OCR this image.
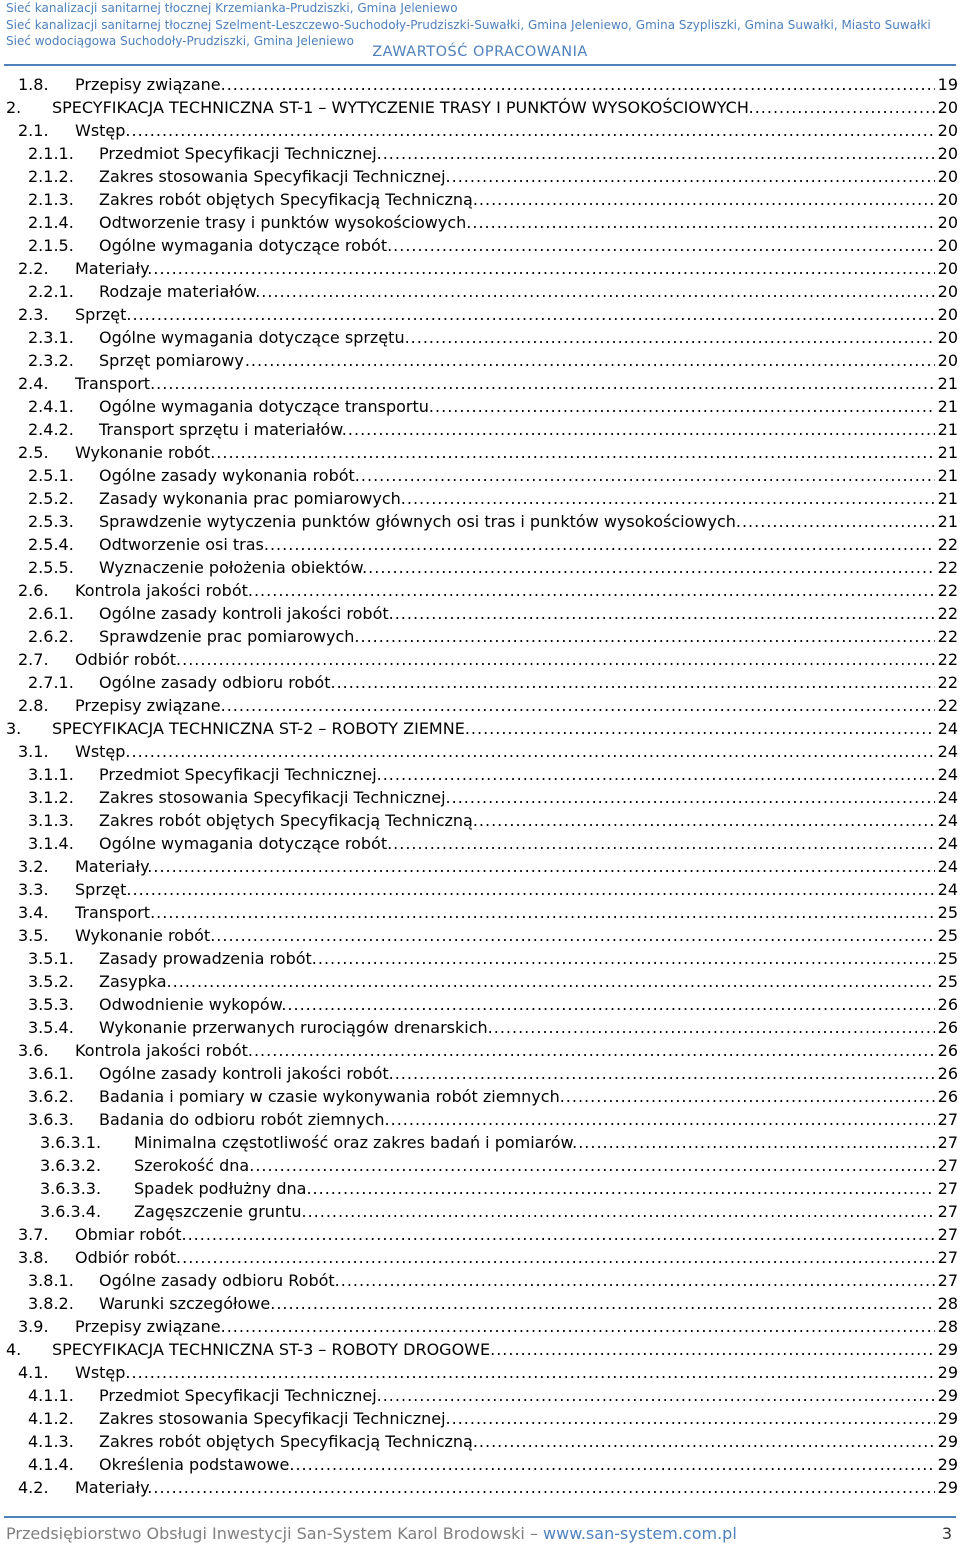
Sieć kanalizacji sanitarnej tłocznej Krzemianka-Prudziszki, Gmina Jeleniewo
Sieć kanalizacji sanitarnej tłocznej Szelment-Leszczewo-Suchodoły-Prudziszki-Suwałki, Gmina Jeleniewo, Gmina Szypliszki, Gmina Suwałki, Miasto Suwałki
Sieć wodociągowa Suchodoły-Prudziszki, Gmina Jeleniewo
ZAWARTOŚĆ OPRACOWANIA
1.8.	Przepisy związane. .....	19
2.	SPECYFIKACJA TECHNICZNA ST-1 – WYTYCZENIE TRASY I PUNKTÓW WYSOKOŚCIOWYCH. .....	20
2.1.	Wstęp. .....	20
2.1.1.	Przedmiot Specyfikacji Technicznej. .....	20
2.1.2.	Zakres stosowania Specyfikacji Technicznej. .....	20
2.1.3.	Zakres robót objętych Specyfikacją Techniczną. .....	20
2.1.4.	Odtworzenie trasy i punktów wysokościowych. .....	20
2.1.5.	Ogólne wymagania dotyczące robót. .....	20
2.2.	Materiały. .....	20
2.2.1.	Rodzaje materiałów. .....	20
2.3.	Sprzęt. .....	20
2.3.1.	Ogólne wymagania dotyczące sprzętu. .....	20
2.3.2.	Sprzęt pomiarowy .....	20
2.4.	Transport. .....	21
2.4.1.	Ogólne wymagania dotyczące transportu. .....	21
2.4.2.	Transport sprzętu i materiałów. .....	21
2.5.	Wykonanie robót. .....	21
2.5.1.	Ogólne zasady wykonania robót. .....	21
2.5.2.	Zasady wykonania prac pomiarowych. .....	21
2.5.3.	Sprawdzenie wytyczenia punktów głównych osi tras i punktów wysokościowych. .....	21
2.5.4.	Odtworzenie osi tras. .....	22
2.5.5.	Wyznaczenie położenia obiektów. .....	22
2.6.	Kontrola jakości robót. .....	22
2.6.1.	Ogólne zasady kontroli jakości robót. .....	22
2.6.2.	Sprawdzenie prac pomiarowych. .....	22
2.7.	Odbiór robót. .....	22
2.7.1.	Ogólne zasady odbioru robót. .....	22
2.8.	Przepisy związane. .....	22
3.	SPECYFIKACJA TECHNICZNA ST-2 – ROBOTY ZIEMNE. .....	24
3.1.	Wstęp. .....	24
3.1.1.	Przedmiot Specyfikacji Technicznej. .....	24
3.1.2.	Zakres stosowania Specyfikacji Technicznej. .....	24
3.1.3.	Zakres robót objętych Specyfikacją Techniczną. .....	24
3.1.4.	Ogólne wymagania dotyczące robót. .....	24
3.2.	Materiały. .....	24
3.3.	Sprzęt. .....	24
3.4.	Transport. .....	25
3.5.	Wykonanie robót. .....	25
3.5.1.	Zasady prowadzenia robót. .....	25
3.5.2.	Zasypka. .....	25
3.5.3.	Odwodnienie wykopów. .....	26
3.5.4.	Wykonanie przerwanych rurociągów drenarskich. .....	26
3.6.	Kontrola jakości robót. .....	26
3.6.1.	Ogólne zasady kontroli jakości robót. .....	26
3.6.2.	Badania i pomiary w czasie wykonywania robót ziemnych. .....	26
3.6.3.	Badania do odbioru robót ziemnych. .....	27
3.6.3.1.	Minimalna częstotliwość oraz zakres badań i pomiarów. .....	27
3.6.3.2.	Szerokość dna. .....	27
3.6.3.3.	Spadek podłużny dna. .....	27
3.6.3.4.	Zagęszczenie gruntu. .....	27
3.7.	Obmiar robót. .....	27
3.8.	Odbiór robót. .....	27
3.8.1.	Ogólne zasady odbioru Robót. .....	27
3.8.2.	Warunki szczegółowe. .....	28
3.9.	Przepisy związane. .....	28
4.	SPECYFIKACJA TECHNICZNA ST-3 – ROBOTY DROGOWE. .....	29
4.1.	Wstęp. .....	29
4.1.1.	Przedmiot Specyfikacji Technicznej. .....	29
4.1.2.	Zakres stosowania Specyfikacji Technicznej. .....	29
4.1.3.	Zakres robót objętych Specyfikacją Techniczną. .....	29
4.1.4.	Określenia podstawowe. .....	29
4.2.	Materiały. .....	29
Przedsiębiorstwo Obsługi Inwestycji San-System Karol Brodowski – www.san-system.com.pl	3
